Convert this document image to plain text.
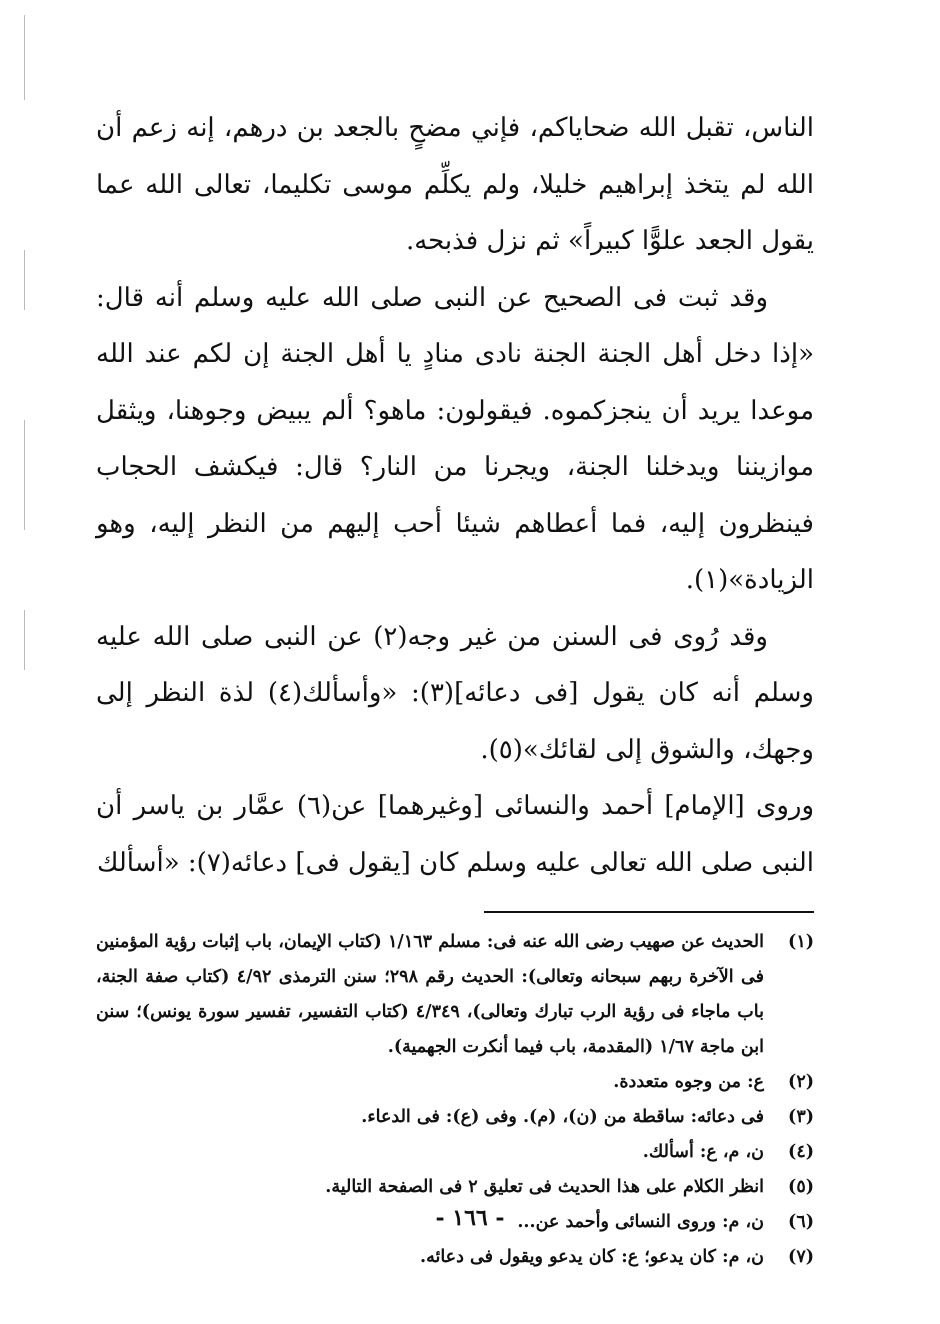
الناس، تقبل الله ضحاياكم، فإني مضحٍ بالجعد بن درهم، إنه زعم أن الله لم يتخذ إبراهيم خليلا، ولم يكلِّم موسى تكليما، تعالى الله عما يقول الجعد علوًّا كبيراً» ثم نزل فذبحه.

وقد ثبت فى الصحيح عن النبى صلى الله عليه وسلم أنه قال: «إذا دخل أهل الجنة الجنة نادى منادٍ يا أهل الجنة إن لكم عند الله موعدا يريد أن ينجزكموه. فيقولون: ماهو؟ ألم يبيض وجوهنا، ويثقل موازيننا ويدخلنا الجنة، ويجرنا من النار؟ قال: فيكشف الحجاب فينظرون إليه، فما أعطاهم شيئا أحب إليهم من النظر إليه، وهو الزيادة»(١).

وقد رُوى فى السنن من غير وجه(٢) عن النبى صلى الله عليه وسلم أنه كان يقول [فى دعائه](٣): «وأسألك(٤) لذة النظر إلى وجهك، والشوق إلى لقائك»(٥).

وروى [الإمام] أحمد والنسائى [وغيرهما] عن(٦) عمَّار بن ياسر أن النبى صلى الله تعالى عليه وسلم كان [يقول فى] دعائه(٧): «أسألك

(١)
الحديث عن صهيب رضى الله عنه فى: مسلم ١/١٦٣ (كتاب الإيمان، باب إثبات رؤية المؤمنين فى الآخرة ربهم سبحانه وتعالى): الحديث رقم ٢٩٨؛ سنن الترمذى ٤/٩٢ (كتاب صفة الجنة، باب ماجاء فى رؤية الرب تبارك وتعالى)، ٤/٣٤٩ (كتاب التفسير، تفسير سورة يونس)؛ سنن ابن ماجة ١/٦٧ (المقدمة، باب فيما أنكرت الجهمية).
(٢)
ع: من وجوه متعددة.
(٣)
فى دعائه: ساقطة من (ن)، (م). وفى (ع): فى الدعاء.
(٤)
ن، م، ع: أسألك.
(٥)
انظر الكلام على هذا الحديث فى تعليق ٢ فى الصفحة التالية.
(٦)
ن، م: وروى النسائى وأحمد عن...
(٧)
ن، م: كان يدعو؛ ع: كان يدعو ويقول فى دعائه.
- ١٦٦ -
